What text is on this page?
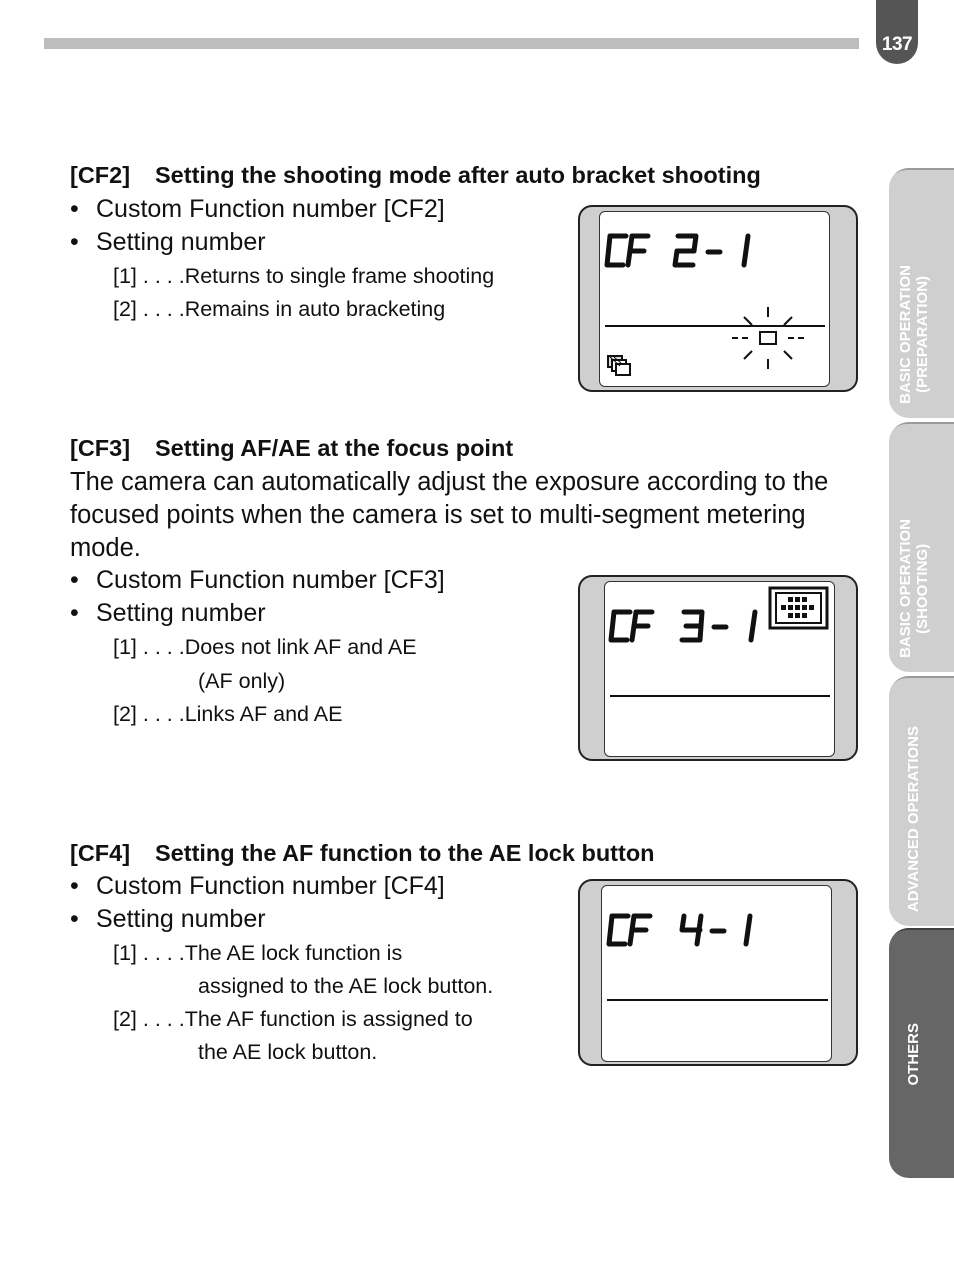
137
BASIC OPERATION
(PREPARATION)
BASIC OPERATION
(SHOOTING)
ADVANCED OPERATIONS
OTHERS
[CF2] Setting the shooting mode after auto bracket shooting
• Custom Function number [CF2]
• Setting number
[1] . . . .Returns to single frame shooting
[2] . . . .Remains in auto bracketing
[CF3] Setting AF/AE at the focus point
The camera can automatically adjust the exposure according to the focused points when the camera is set to multi-segment metering mode.
• Custom Function number [CF3]
• Setting number
[1] . . . .Does not link AF and AE
(AF only)
[2] . . . .Links AF and AE
[CF4] Setting the AF function to the AE lock button
• Custom Function number [CF4]
• Setting number
[1] . . . .The AE lock function is
assigned to the AE lock button.
[2] . . . .The AF function is assigned to
the AE lock button.
